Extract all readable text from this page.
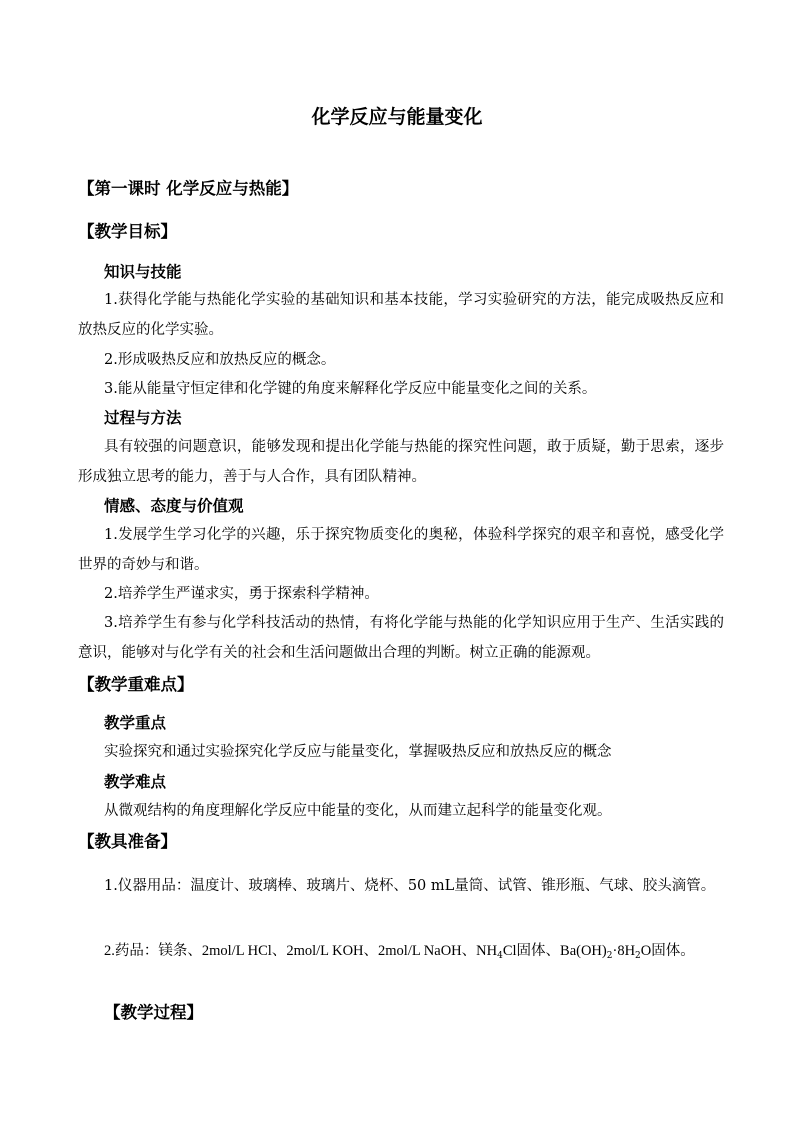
化学反应与能量变化
【第一课时 化学反应与热能】
【教学目标】
知识与技能
1.获得化学能与热能化学实验的基础知识和基本技能，学习实验研究的方法，能完成吸热反应和放热反应的化学实验。
2.形成吸热反应和放热反应的概念。
3.能从能量守恒定律和化学键的角度来解释化学反应中能量变化之间的关系。
过程与方法
具有较强的问题意识，能够发现和提出化学能与热能的探究性问题，敢于质疑，勤于思索，逐步形成独立思考的能力，善于与人合作，具有团队精神。
情感、态度与价值观
1.发展学生学习化学的兴趣，乐于探究物质变化的奥秘，体验科学探究的艰辛和喜悦，感受化学世界的奇妙与和谐。
2.培养学生严谨求实，勇于探索科学精神。
3.培养学生有参与化学科技活动的热情，有将化学能与热能的化学知识应用于生产、生活实践的意识，能够对与化学有关的社会和生活问题做出合理的判断。树立正确的能源观。
【教学重难点】
教学重点
实验探究和通过实验探究化学反应与能量变化，掌握吸热反应和放热反应的概念
教学难点
从微观结构的角度理解化学反应中能量的变化，从而建立起科学的能量变化观。
【教具准备】
1.仪器用品：温度计、玻璃棒、玻璃片、烧杯、50 mL量筒、试管、锥形瓶、气球、胶头滴管。
2.药品：镁条、2mol/L HCl、2mol/L KOH、2mol/L NaOH、$NH_4Cl$固体、$Ba(OH)_2\cdot 8H_2O$固体。
【教学过程】
